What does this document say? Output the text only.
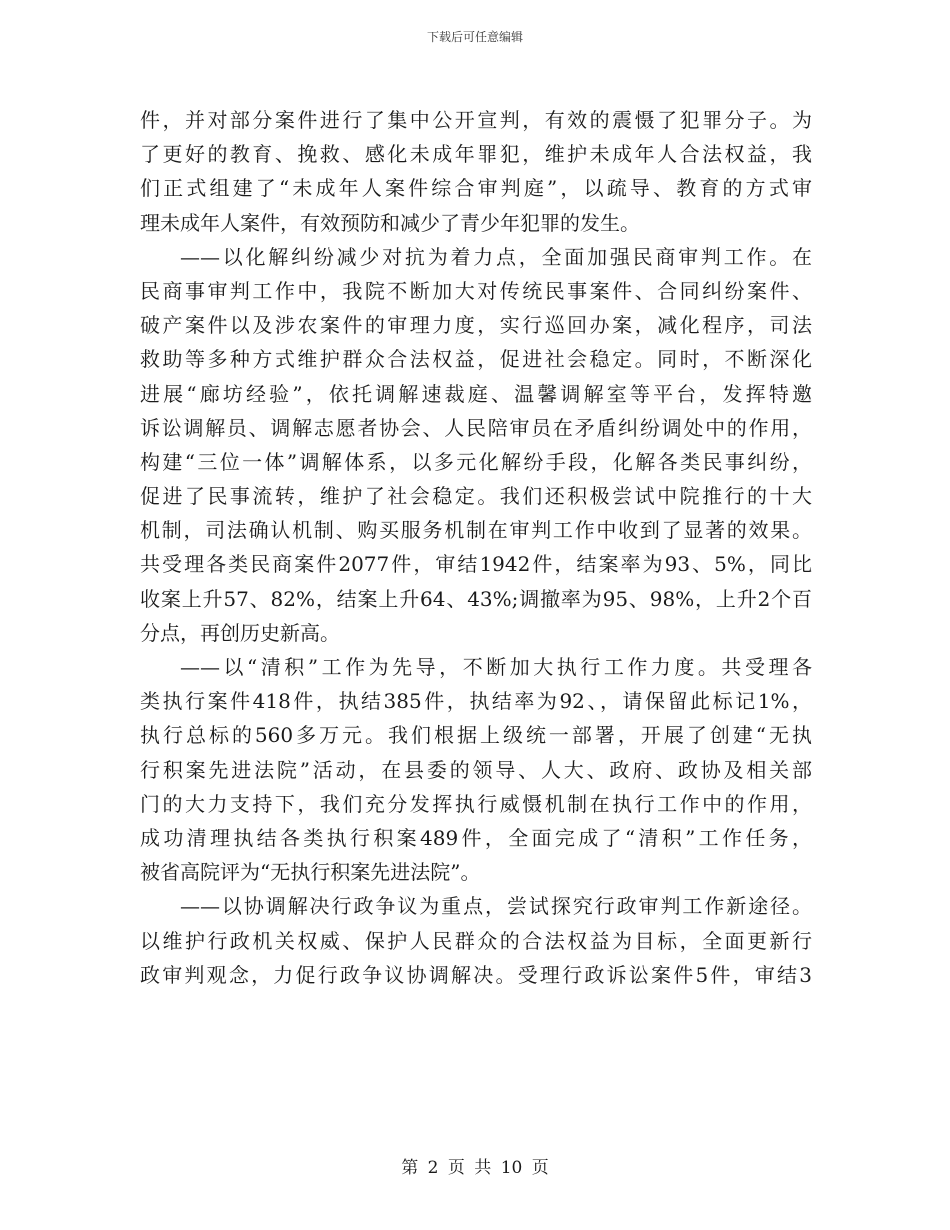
下载后可任意编辑
件，并对部分案件进行了集中公开宣判，有效的震慑了犯罪分子。为
了更好的教育、挽救、感化未成年罪犯，维护未成年人合法权益，我
们正式组建了“未成年人案件综合审判庭”，以疏导、教育的方式审
理未成年人案件，有效预防和减少了青少年犯罪的发生。
——以化解纠纷减少对抗为着力点，全面加强民商审判工作。在
民商事审判工作中，我院不断加大对传统民事案件、合同纠纷案件、
破产案件以及涉农案件的审理力度，实行巡回办案，减化程序，司法
救助等多种方式维护群众合法权益，促进社会稳定。同时，不断深化
进展“廊坊经验”，依托调解速裁庭、温馨调解室等平台，发挥特邀
诉讼调解员、调解志愿者协会、人民陪审员在矛盾纠纷调处中的作用，
构建“三位一体”调解体系，以多元化解纷手段，化解各类民事纠纷，
促进了民事流转，维护了社会稳定。我们还积极尝试中院推行的十大
机制，司法确认机制、购买服务机制在审判工作中收到了显著的效果。
共受理各类民商案件2077件，审结1942件，结案率为93、5%，同比
收案上升57、82%，结案上升64、43%;调撤率为95、98%，上升2个百
分点，再创历史新高。
——以“清积”工作为先导，不断加大执行工作力度。共受理各
类执行案件418件，执结385件，执结率为92、，请保留此标记1%，
执行总标的560多万元。我们根据上级统一部署，开展了创建“无执
行积案先进法院”活动，在县委的领导、人大、政府、政协及相关部
门的大力支持下，我们充分发挥执行威慑机制在执行工作中的作用，
成功清理执结各类执行积案489件，全面完成了“清积”工作任务，
被省高院评为“无执行积案先进法院”。
——以协调解决行政争议为重点，尝试探究行政审判工作新途径。
以维护行政机关权威、保护人民群众的合法权益为目标，全面更新行
政审判观念，力促行政争议协调解决。受理行政诉讼案件5件，审结3
第 2 页 共 10 页
